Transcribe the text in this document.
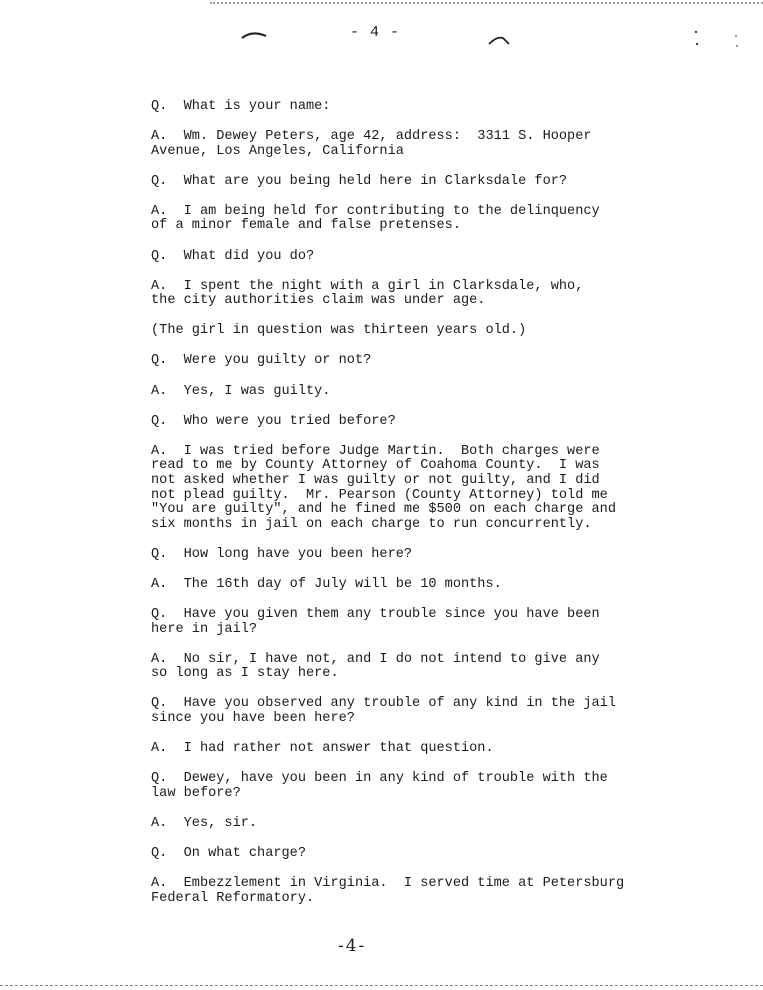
- 4 -

Q.  What is your name:

A.  Wm. Dewey Peters, age 42, address:  3311 S. Hooper
Avenue, Los Angeles, California

Q.  What are you being held here in Clarksdale for?

A.  I am being held for contributing to the delinquency
of a minor female and false pretenses.

Q.  What did you do?

A.  I spent the night with a girl in Clarksdale, who,
the city authorities claim was under age.

(The girl in question was thirteen years old.)

Q.  Were you guilty or not?

A.  Yes, I was guilty.

Q.  Who were you tried before?

A.  I was tried before Judge Martin.  Both charges were
read to me by County Attorney of Coahoma County.  I was
not asked whether I was guilty or not guilty, and I did
not plead guilty.  Mr. Pearson (County Attorney) told me
"You are guilty", and he fined me $500 on each charge and
six months in jail on each charge to run concurrently.

Q.  How long have you been here?

A.  The 16th day of July will be 10 months.

Q.  Have you given them any trouble since you have been
here in jail?

A.  No sir, I have not, and I do not intend to give any
so long as I stay here.

Q.  Have you observed any trouble of any kind in the jail
since you have been here?

A.  I had rather not answer that question.

Q.  Dewey, have you been in any kind of trouble with the
law before?

A.  Yes, sir.

Q.  On what charge?

A.  Embezzlement in Virginia.  I served time at Petersburg
Federal Reformatory.

-4-
